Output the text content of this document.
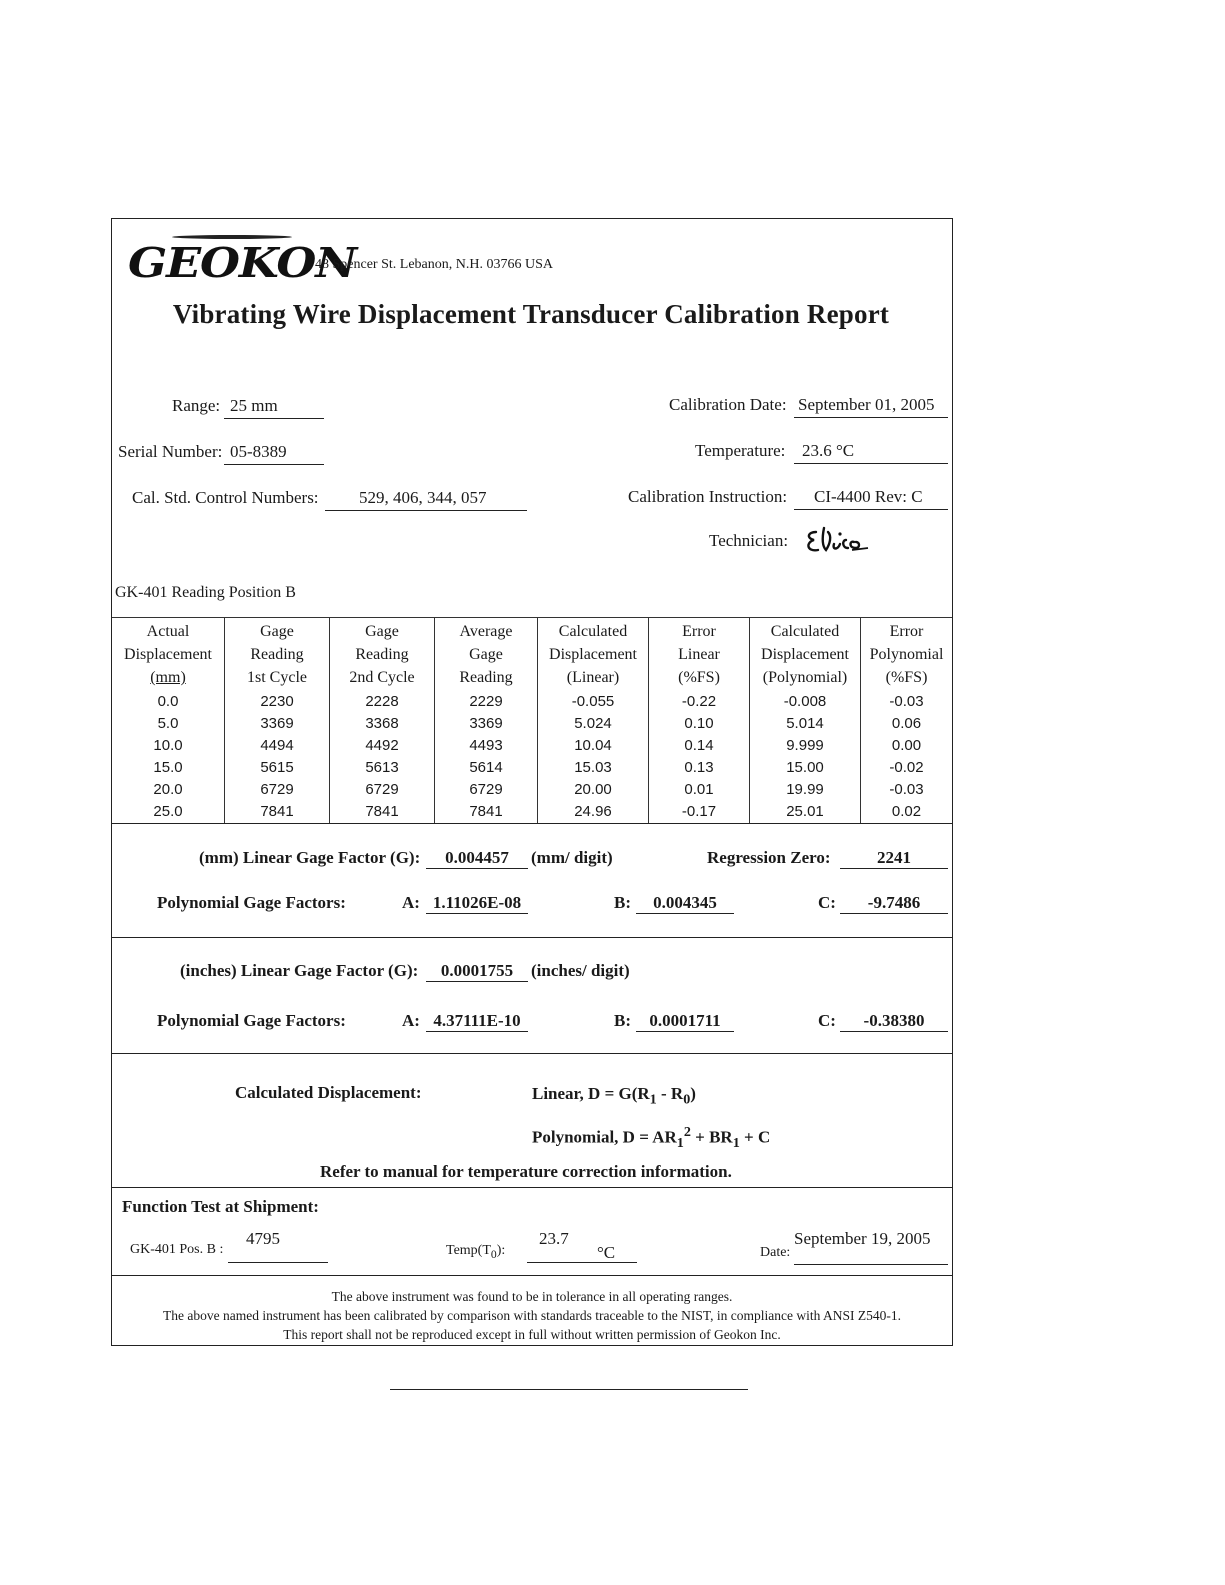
GEOKON
48 Spencer St. Lebanon, N.H. 03766 USA
Vibrating Wire Displacement Transducer Calibration Report
Range: 25 mm
Serial Number: 05-8389
Cal. Std. Control Numbers:	529, 406, 344, 057
Calibration Date: September 01, 2005
Temperature: 23.6 °C
Calibration Instruction:	CI-4400 Rev: C
Technician:
GK-401 Reading Position B
Actual
Displacement
(mm)	Gage
Reading
1st Cycle	Gage
Reading
2nd Cycle	Average
Gage
Reading	Calculated
Displacement
(Linear)	Error
Linear
(%FS)	Calculated
Displacement
(Polynomial)	Error
Polynomial
(%FS)
0.0	2230	2228	2229	-0.055	-0.22	-0.008	-0.03
5.0	3369	3368	3369	5.024	0.10	5.014	0.06
10.0	4494	4492	4493	10.04	0.14	9.999	0.00
15.0	5615	5613	5614	15.03	0.13	15.00	-0.02
20.0	6729	6729	6729	20.00	0.01	19.99	-0.03
25.0	7841	7841	7841	24.96	-0.17	25.01	0.02
(mm) Linear Gage Factor (G):	0.004457	(mm/ digit)	Regression Zero:	2241
Polynomial Gage Factors:	A: 1.11026E-08	B:	0.004345	C:	-9.7486
(inches) Linear Gage Factor (G):	0.0001755	(inches/ digit)
Polynomial Gage Factors:	A: 4.37111E-10	B:	0.0001711	C:	-0.38380
Calculated Displacement:	Linear, $D = G(R_1 - R_0)$
Polynomial, $D = AR_1^2 + BR_1 + C$
Refer to manual for temperature correction information.
Function Test at Shipment:
GK-401 Pos. B :
4795
$Temp(T_0)$:
23.7
°C	Date:
September 19, 2005
The above instrument was found to be in tolerance in all operating ranges.
The above named instrument has been calibrated by comparison with standards traceable to the NIST, in compliance with ANSI Z540-1.
This report shall not be reproduced except in full without written permission of Geokon Inc.
